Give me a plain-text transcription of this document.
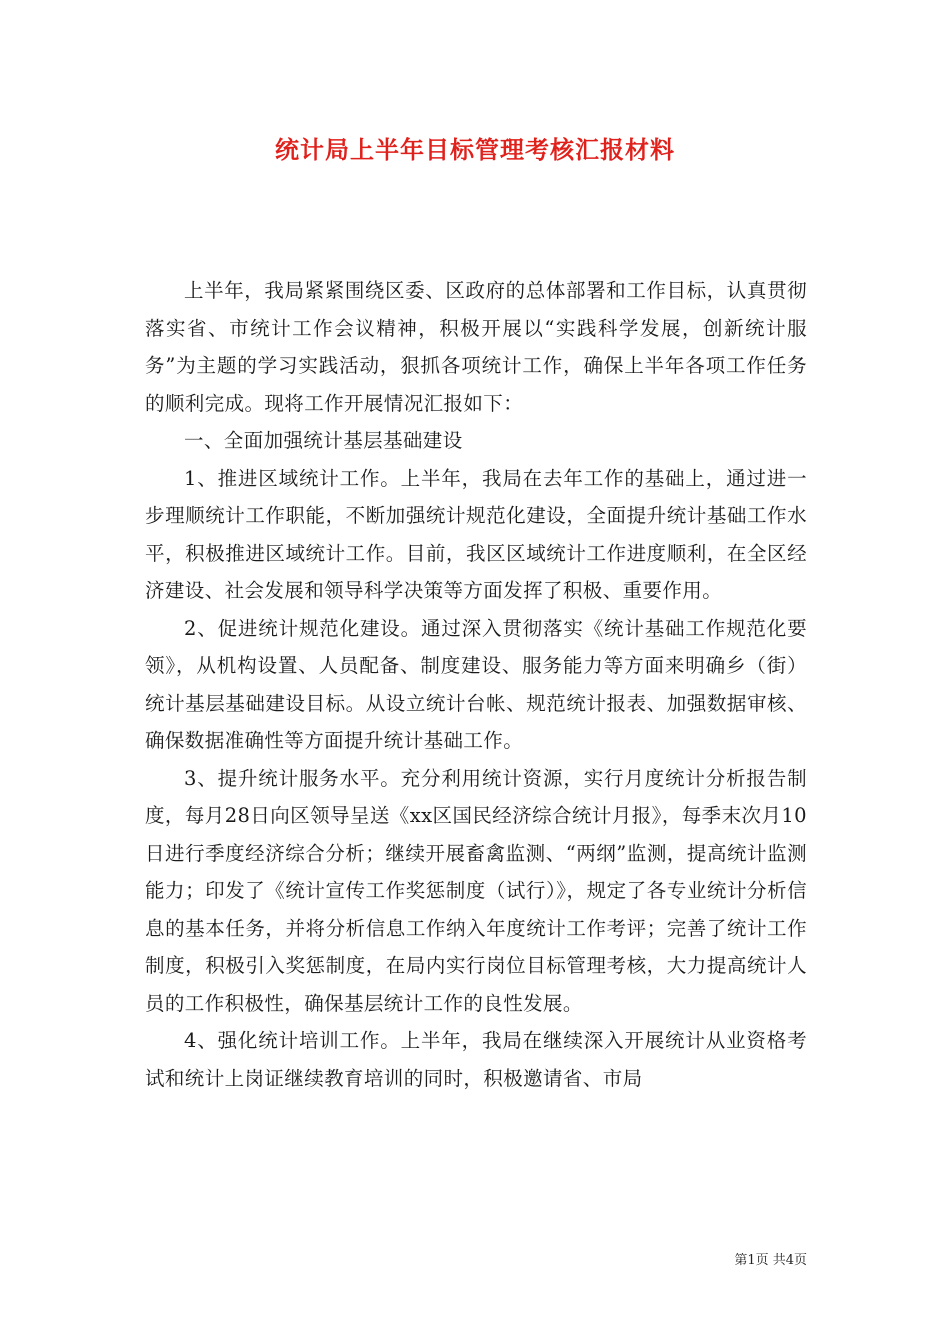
统计局上半年目标管理考核汇报材料

上半年，我局紧紧围绕区委、区政府的总体部署和工作目标，认真贯彻落实省、市统计工作会议精神，积极开展以“实践科学发展，创新统计服务”为主题的学习实践活动，狠抓各项统计工作，确保上半年各项工作任务的顺利完成。现将工作开展情况汇报如下：

一、全面加强统计基层基础建设

1、推进区域统计工作。上半年，我局在去年工作的基础上，通过进一步理顺统计工作职能，不断加强统计规范化建设，全面提升统计基础工作水平，积极推进区域统计工作。目前，我区区域统计工作进度顺利，在全区经济建设、社会发展和领导科学决策等方面发挥了积极、重要作用。

2、促进统计规范化建设。通过深入贯彻落实《统计基础工作规范化要领》，从机构设置、人员配备、制度建设、服务能力等方面来明确乡（街）统计基层基础建设目标。从设立统计台帐、规范统计报表、加强数据审核、确保数据准确性等方面提升统计基础工作。

3、提升统计服务水平。充分利用统计资源，实行月度统计分析报告制度，每月28日向区领导呈送《xx区国民经济综合统计月报》，每季末次月10日进行季度经济综合分析；继续开展畜禽监测、“两纲”监测，提高统计监测能力；印发了《统计宣传工作奖惩制度（试行）》，规定了各专业统计分析信息的基本任务，并将分析信息工作纳入年度统计工作考评；完善了统计工作制度，积极引入奖惩制度，在局内实行岗位目标管理考核，大力提高统计人员的工作积极性，确保基层统计工作的良性发展。

4、强化统计培训工作。上半年，我局在继续深入开展统计从业资格考试和统计上岗证继续教育培训的同时，积极邀请省、市局

第1页 共4页
